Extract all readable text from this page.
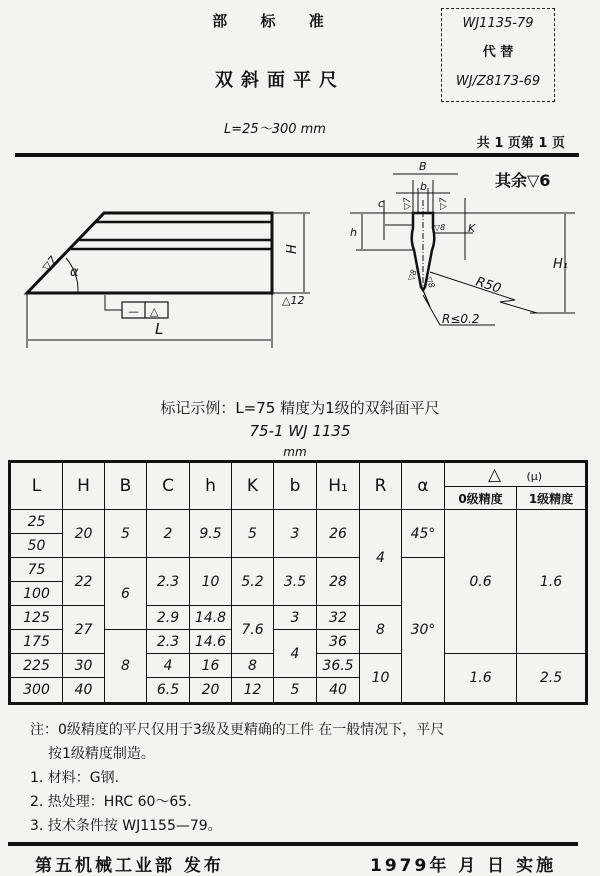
部 标 准
双斜面平尺
L=25～300 mm
WJ1135-79
代 替
WJ/Z8173-69
共 1 页第 1 页
其余▽6
H
L
α
▽7
△12
— △
B
b
c
h	K
H₁
R50
R≤0.2
▽7	▽7
▽8
▽8
▽8
标记示例：L=75 精度为1级的双斜面平尺
75-1 WJ 1135
mm
L	H	B	C	h	K	b	H₁	R	α	△ (μ)	
										0级精度	1级精度
25	20	5	2	9.5	5	3	26	4	45°	0.6	1.6
50											
75	22	6	2.3	10	5.2	3.5	28		30°		
100											
125	27		2.9	14.8	7.6	3	32	8			
175		8	2.3	14.6		4	36				
225	30		4	16	8		36.5	10		1.6	2.5
300	40		6.5	20	12	5	40				
注：0级精度的平尺仅用于3级及更精确的工件 在一般情况下，平尺
按1级精度制造。
1. 材料：G钢.
2. 热处理：HRC 60～65.
3. 技术条件按 WJ1155—79。
第五机械工业部 发布	1979年 月 日 实施
